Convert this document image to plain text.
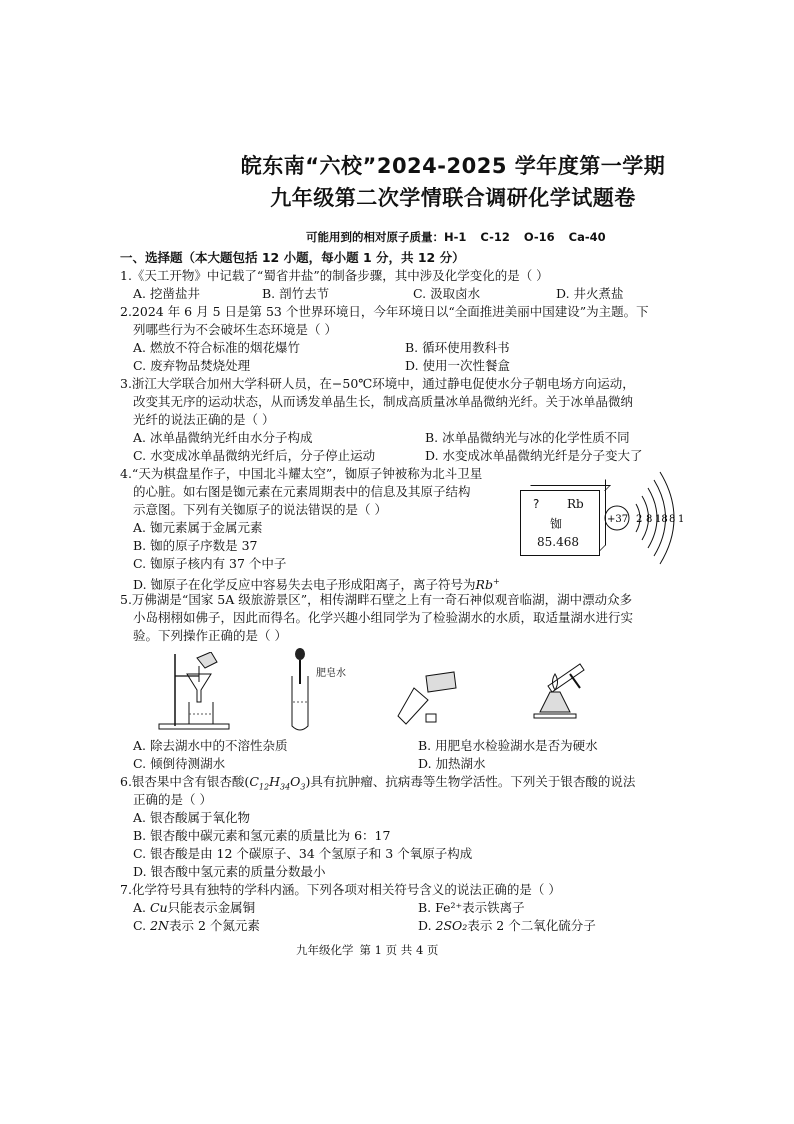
皖东南“六校”2024-2025 学年度第一学期
九年级第二次学情联合调研化学试题卷
可能用到的相对原子质量：H-1 C-12 O-16 Ca-40
一、选择题（本大题包括 12 小题，每小题 1 分，共 12 分）
1.《天工开物》中记载了“蜀省井盐”的制备步骤，其中涉及化学变化的是（ ）
A. 挖凿盐井	B. 剖竹去节	C. 汲取卤水	D. 井火煮盐
2.2024 年 6 月 5 日是第 53 个世界环境日，今年环境日以“全面推进美丽中国建设”为主题。下
列哪些行为不会破坏生态环境是（ ）
A. 燃放不符合标准的烟花爆竹	B. 循环使用教科书
C. 废弃物品焚烧处理	D. 使用一次性餐盒
3.浙江大学联合加州大学科研人员，在−50℃环境中，通过静电促使水分子朝电场方向运动，
改变其无序的运动状态，从而诱发单晶生长，制成高质量冰单晶微纳光纤。关于冰单晶微纳
光纤的说法正确的是（ ）
A. 冰单晶微纳光纤由水分子构成	B. 冰单晶微纳光与冰的化学性质不同
C. 水变成冰单晶微纳光纤后，分子停止运动	D. 水变成冰单晶微纳光纤是分子变大了
4.“天为棋盘星作子，中国北斗耀太空”，铷原子钟被称为北斗卫星
的心脏。如右图是铷元素在元素周期表中的信息及其原子结构
示意图。下列有关铷原子的说法错误的是（ ）
A. 铷元素属于金属元素
B. 铷的原子序数是 37
C. 铷原子核内有 37 个中子
D. 铷原子在化学反应中容易失去电子形成阳离子，离子符号为Rb+
? Rb
铷
85.468
+37 2 8 18 8 1
5.万佛湖是“国家 5A 级旅游景区”，相传湖畔石壁之上有一奇石神似观音临湖，湖中漂动众多
小岛栩栩如佛子，因此而得名。化学兴趣小组同学为了检验湖水的水质，取适量湖水进行实
验。下列操作正确的是（ ）
肥皂水
A. 除去湖水中的不溶性杂质	B. 用肥皂水检验湖水是否为硬水
C. 倾倒待测湖水	D. 加热湖水
6.银杏果中含有银杏酸$(C_{12}H_{34}O_3)$具有抗肿瘤、抗病毒等生物学活性。下列关于银杏酸的说法
正确的是（ ）
A. 银杏酸属于氧化物
B. 银杏酸中碳元素和氢元素的质量比为 6：17
C. 银杏酸是由 12 个碳原子、34 个氢原子和 3 个氧原子构成
D. 银杏酸中氢元素的质量分数最小
7.化学符号具有独特的学科内涵。下列各项对相关符号含义的说法正确的是（ ）
A. Cu只能表示金属铜	B. Fe²⁺表示铁离子
C. 2N表示 2 个氮元素	D. 2SO₂表示 2 个二氧化硫分子
九年级化学 第 1 页 共 4 页
